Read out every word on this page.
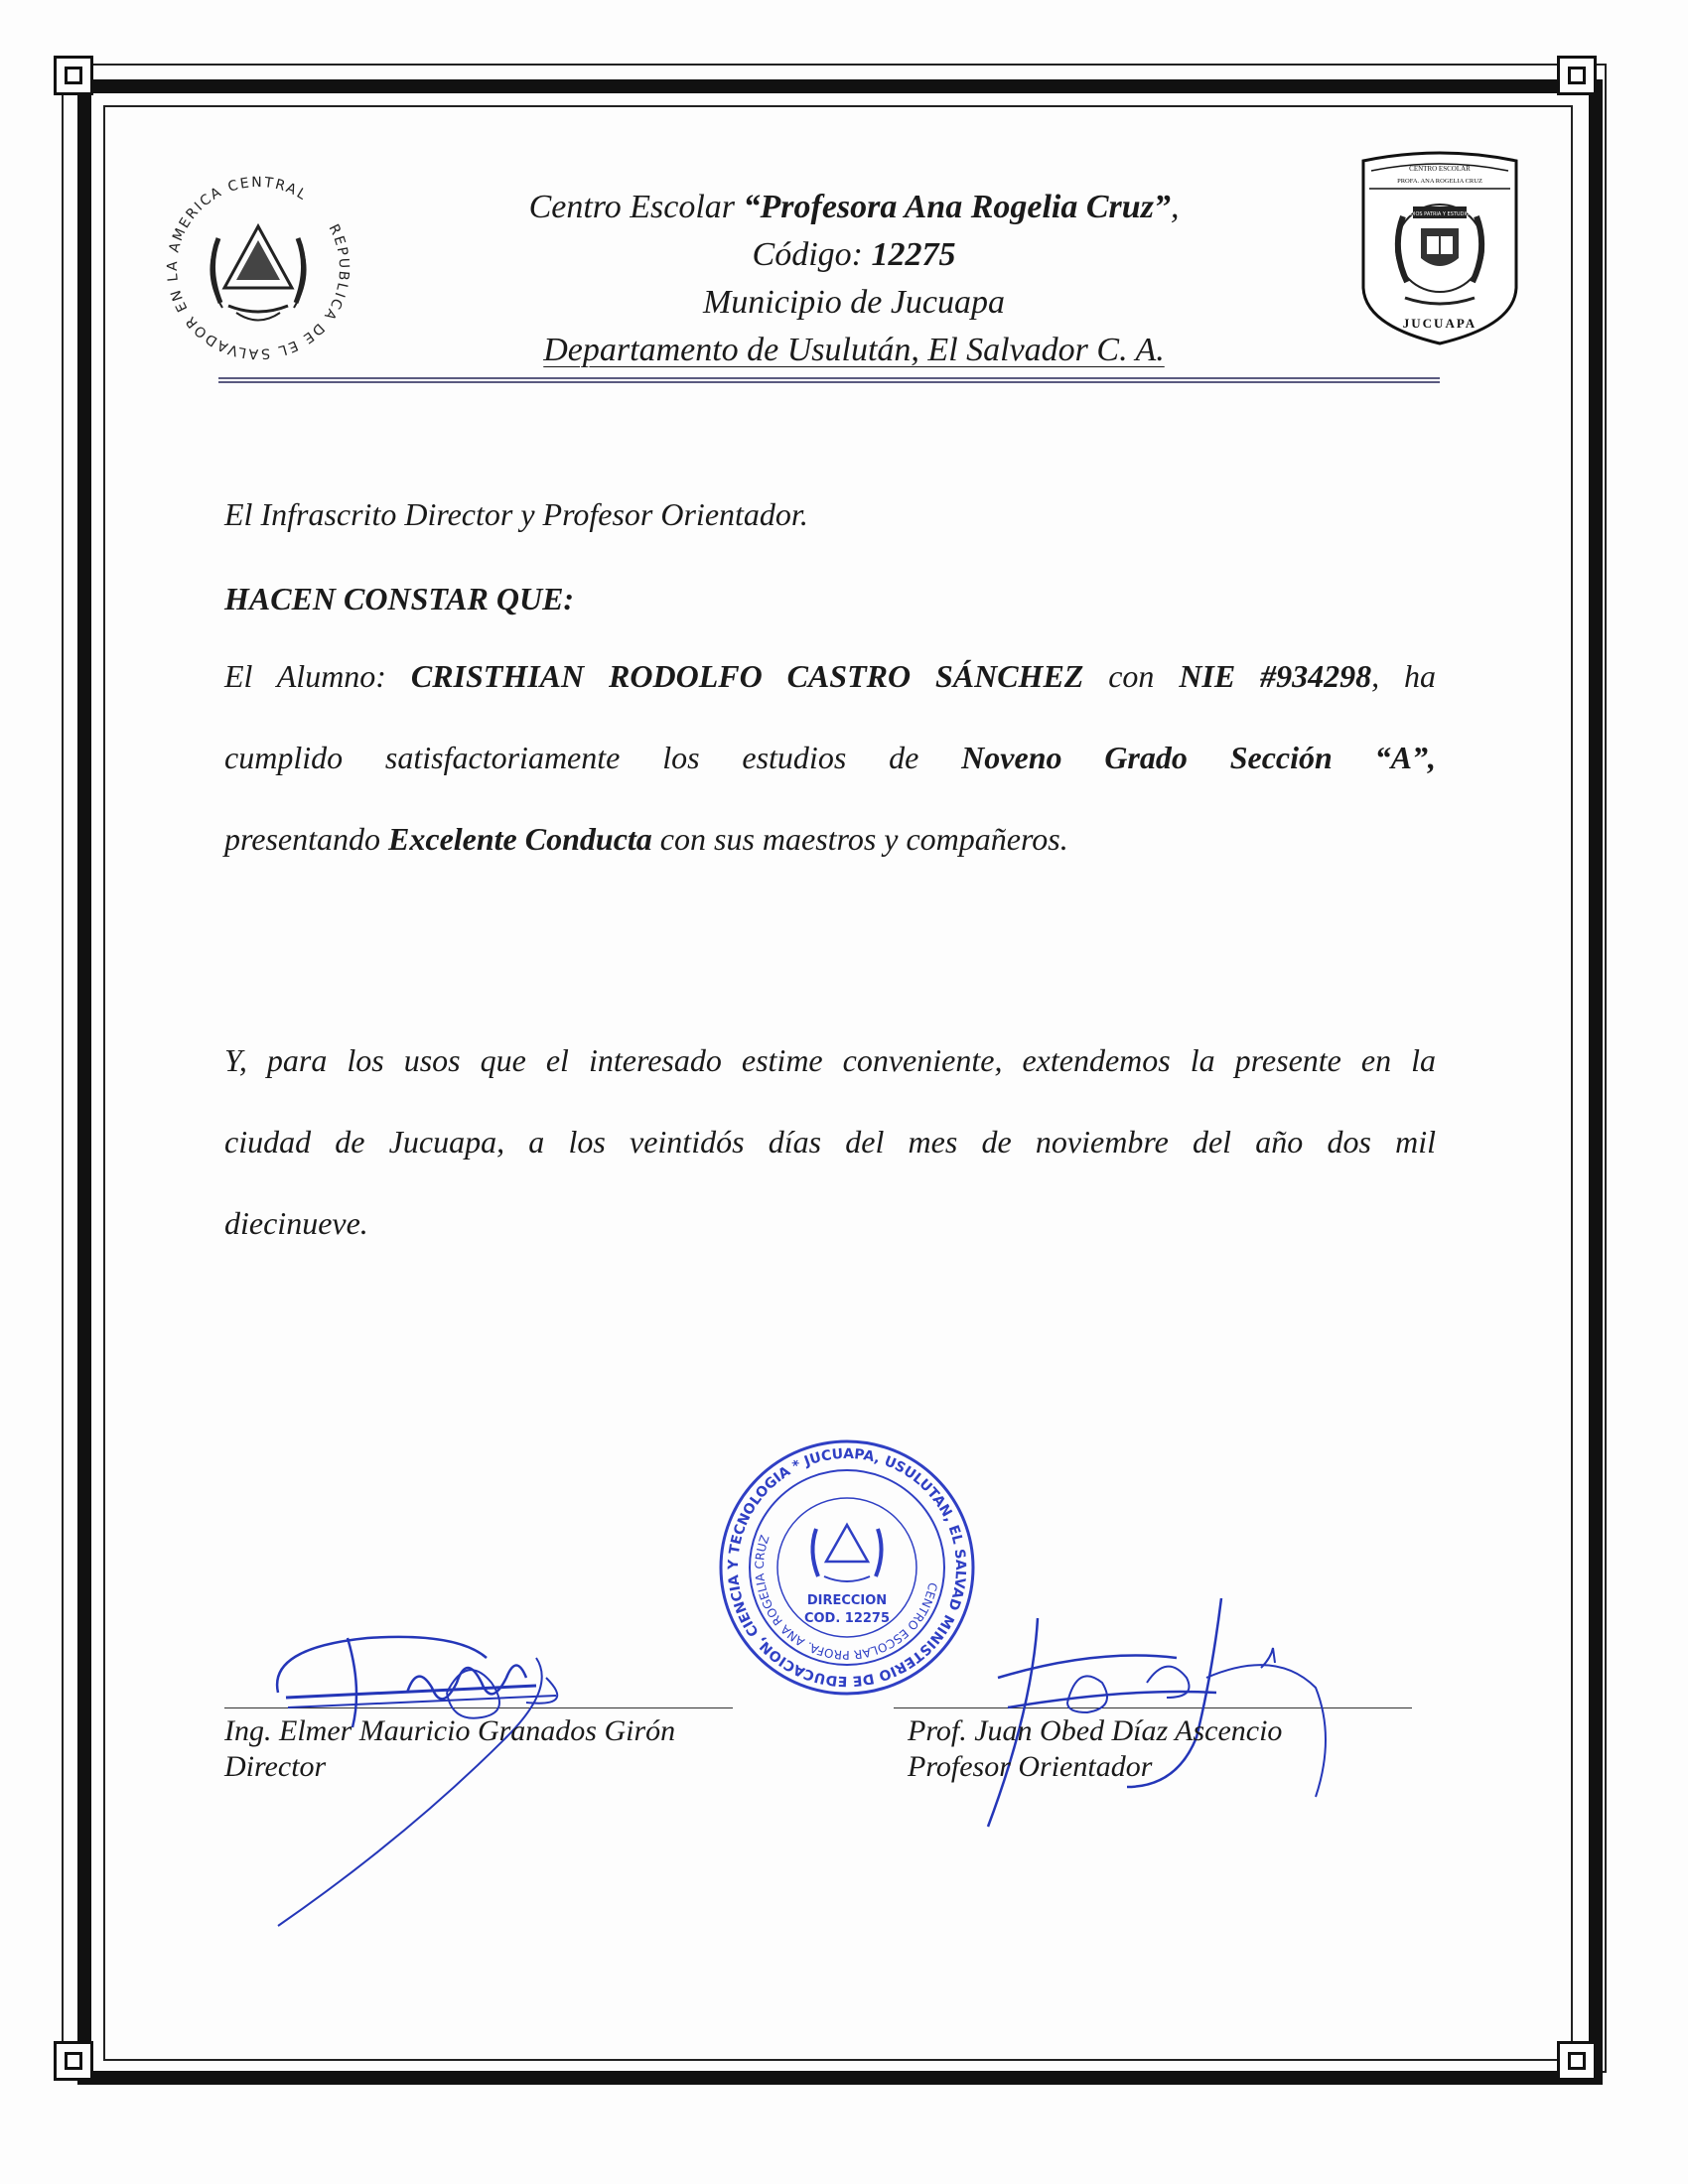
REPUBLICA DE EL SALVADOR EN LA AMERICA CENTRAL	Centro Escolar “Profesora Ana Rogelia Cruz”,
Código: 12275
Municipio de Jucuapa
Departamento de Usulután, El Salvador C. A.
CENTRO ESCOLAR
PROFA. ANA ROGELIA CRUZ
DIOS PATRIA Y ESTUDIO
JUCUAPA
El Infrascrito Director y Profesor Orientador.
HACEN CONSTAR QUE:
El Alumno: CRISTHIAN RODOLFO CASTRO SÁNCHEZ con NIE #934298, ha
cumplido satisfactoriamente los estudios de Noveno Grado Sección “A”,
presentando Excelente Conducta con sus maestros y compañeros.
Y, para los usos que el interesado estime conveniente, extendemos la presente en la
ciudad de Jucuapa, a los veintidós días del mes de noviembre del año dos mil
diecinueve.
MINISTERIO DE EDUCACION, CIENCIA Y TECNOLOGIA * JUCUAPA, USULUTAN, EL SALVADOR,
CENTRO ESCOLAR PROFA. ANA ROGELIA CRUZ
DIRECCION
COD. 12275
Ing. Elmer Mauricio Granados Girón
Director
Prof. Juan Obed Díaz Ascencio
Profesor Orientador
